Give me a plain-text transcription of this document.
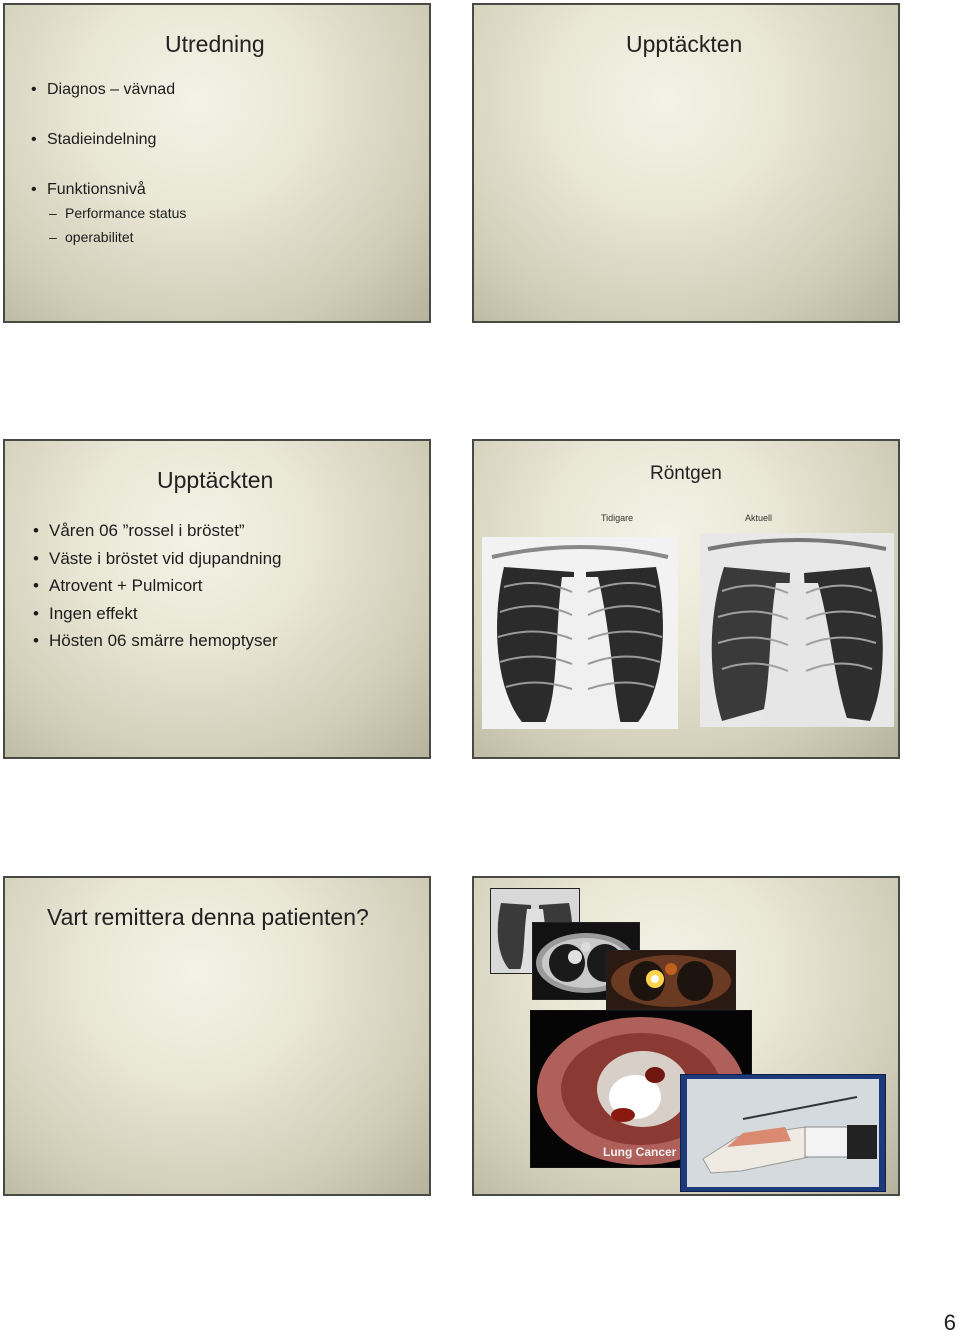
Utredning
• Diagnos – vävnad
• Stadieindelning
• Funktionsnivå
– Performance status
– operabilitet
Upptäckten
Upptäckten
• Våren 06 ”rossel i bröstet”
• Väste i bröstet vid djupandning
• Atrovent + Pulmicort
• Ingen effekt
• Hösten 06 smärre hemoptyser
Röntgen
Tidigare	Aktuell
Vart remittera denna patienten?
Lung Cancer
6
